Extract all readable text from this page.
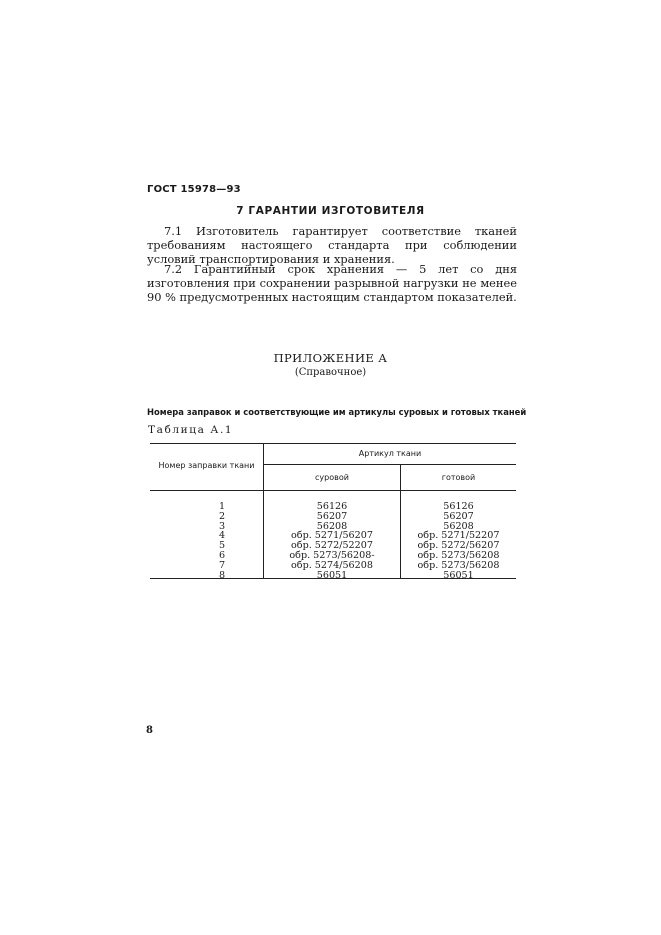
ГОСТ 15978—93
7 ГАРАНТИИ ИЗГОТОВИТЕЛЯ
7.1 Изготовитель гарантирует соответствие тканей требованиям настоящего стандарта при соблюдении условий транспортирования и хранения.
7.2 Гарантийный срок хранения — 5 лет со дня изготовления при сохранении разрывной нагрузки не менее 90 % предусмотренных настоящим стандартом показателей.
ПРИЛОЖЕНИЕ А
(Справочное)
Номера заправок и соответствующие им артикулы суровых и готовых тканей
Таблица А.1
Номер заправки ткани
Артикул ткани
суровой	готовой
1
2
3
4
5
6
7
8
56126
56207
56208
обр. 5271/56207
обр. 5272/52207
обр. 5273/56208-
обр. 5274/56208
56051
56126
56207
56208
обр. 5271/52207
обр. 5272/56207
обр. 5273/56208
обр. 5273/56208
56051
8
